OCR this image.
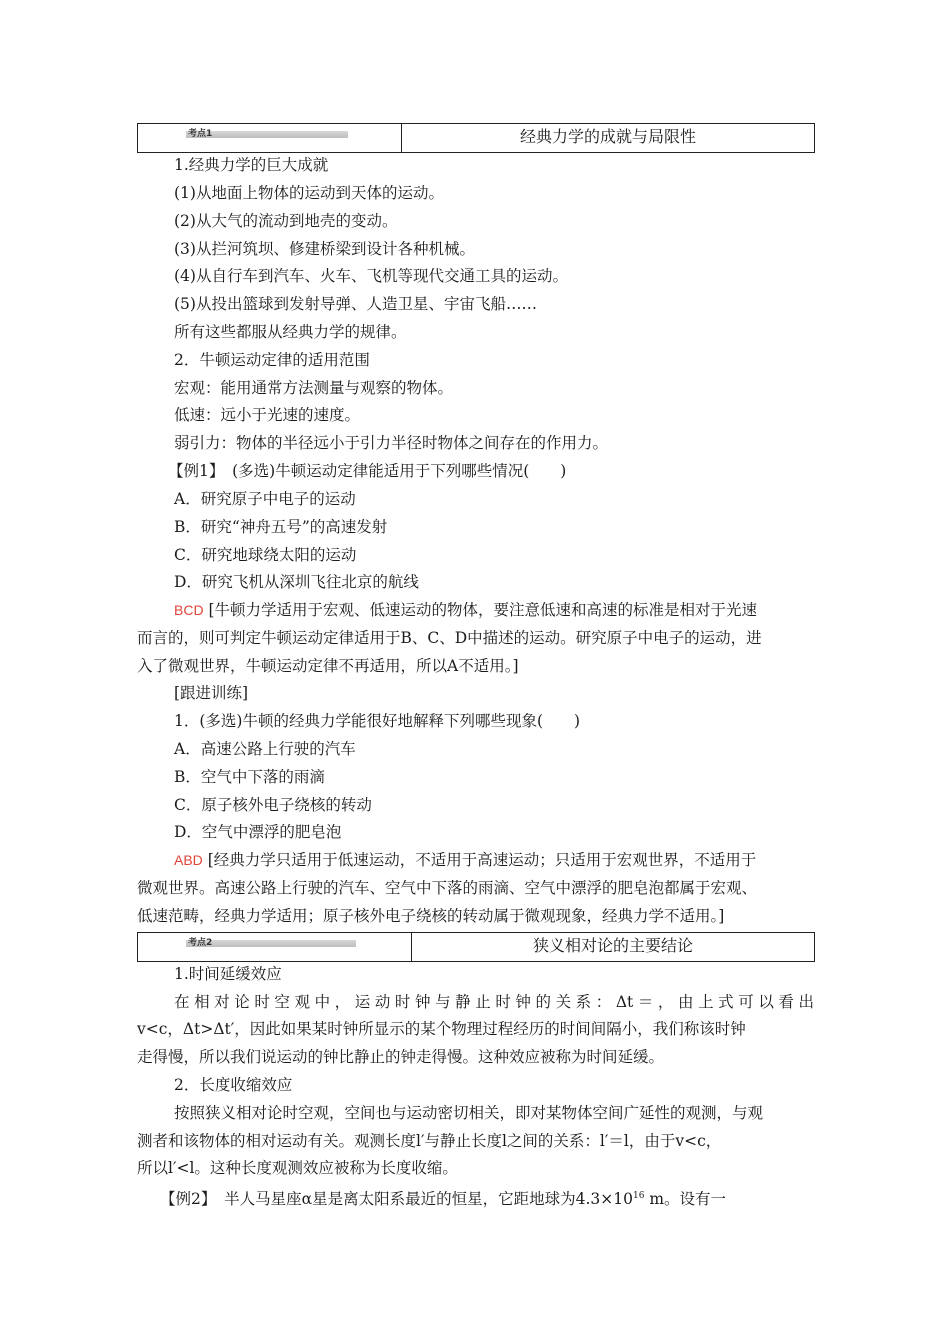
考点1	经典力学的成就与局限性
1.经典力学的巨大成就
(1)从地面上物体的运动到天体的运动。
(2)从大气的流动到地壳的变动。
(3)从拦河筑坝、修建桥梁到设计各种机械。
(4)从自行车到汽车、火车、飞机等现代交通工具的运动。
(5)从投出篮球到发射导弹、人造卫星、宇宙飞船……
所有这些都服从经典力学的规律。
2．牛顿运动定律的适用范围
宏观：能用通常方法测量与观察的物体。
低速：远小于光速的速度。
弱引力：物体的半径远小于引力半径时物体之间存在的作用力。
【例1】　(多选)牛顿运动定律能适用于下列哪些情况(　　)
A．研究原子中电子的运动
B．研究“神舟五号”的高速发射
C．研究地球绕太阳的运动
D．研究飞机从深圳飞往北京的航线
BCD [牛顿力学适用于宏观、低速运动的物体，要注意低速和高速的标准是相对于光速
而言的，则可判定牛顿运动定律适用于B、C、D中描述的运动。研究原子中电子的运动，进
入了微观世界，牛顿运动定律不再适用，所以A不适用。]
[跟进训练]
1．(多选)牛顿的经典力学能很好地解释下列哪些现象(　　)
A．高速公路上行驶的汽车
B．空气中下落的雨滴
C．原子核外电子绕核的转动
D．空气中漂浮的肥皂泡
ABD [经典力学只适用于低速运动，不适用于高速运动；只适用于宏观世界，不适用于
微观世界。高速公路上行驶的汽车、空气中下落的雨滴、空气中漂浮的肥皂泡都属于宏观、
低速范畴，经典力学适用；原子核外电子绕核的转动属于微观现象，经典力学不适用。]
考点2	狭义相对论的主要结论
1.时间延缓效应
在相对论时空观中，运动时钟与静止时钟的关系：Δt＝，由上式可以看出
v<c，Δt>Δt′，因此如果某时钟所显示的某个物理过程经历的时间间隔小，我们称该时钟
走得慢，所以我们说运动的钟比静止的钟走得慢。这种效应被称为时间延缓。
2．长度收缩效应
按照狭义相对论时空观，空间也与运动密切相关，即对某物体空间广延性的观测，与观
测者和该物体的相对运动有关。观测长度l′与静止长度l之间的关系：l′＝l，由于v<c，
所以l′<l。这种长度观测效应被称为长度收缩。
【例2】　 半人马星座α星是离太阳系最近的恒星，它距地球为$4.3\times 10^{16}$ m。设有一
